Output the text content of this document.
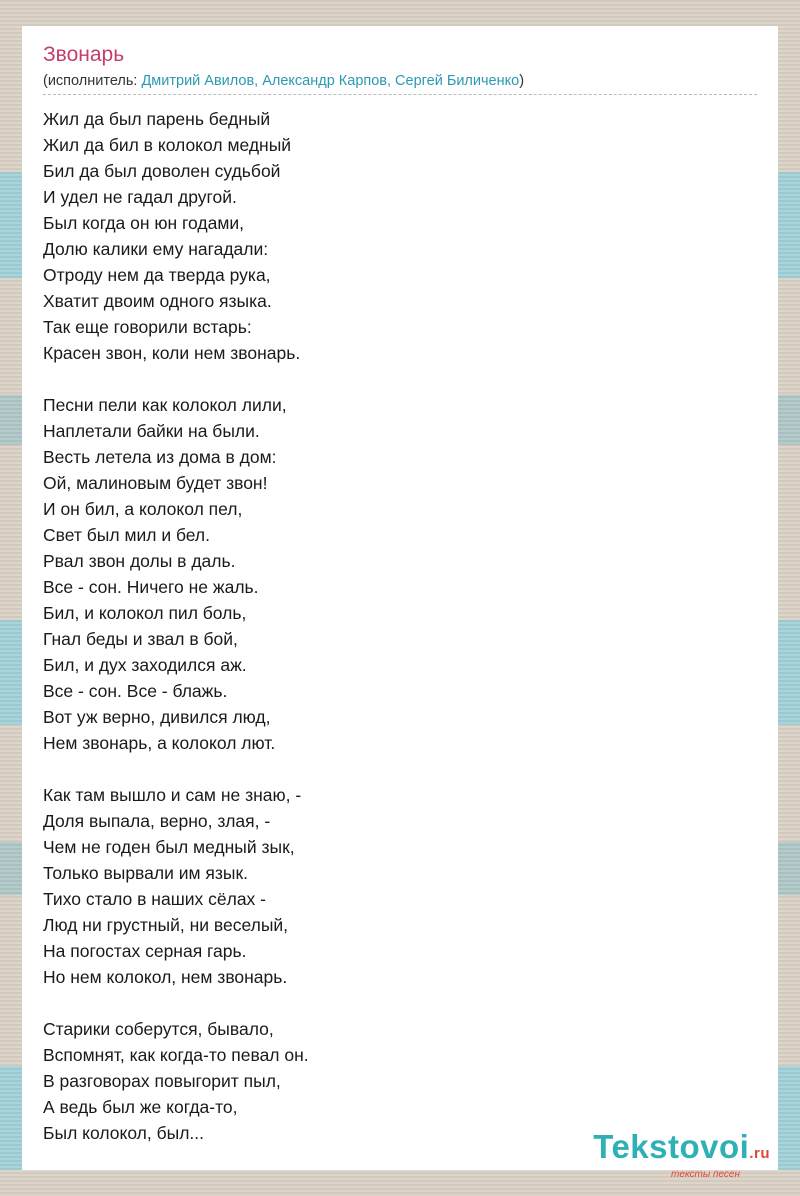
Звонарь
(исполнитель: Дмитрий Авилов, Александр Карпов, Сергей Биличенко)
Жил да был парень бедный
Жил да бил в колокол медный
Бил да был доволен судьбой
И удел не гадал другой.
Был когда он юн годами,
Долю калики ему нагадали:
Отроду нем да тверда рука,
Хватит двоим одного языка.
Так еще говорили встарь:
Красен звон, коли нем звонарь.
Песни пели как колокол лили,
Наплетали байки на были.
Весть летела из дома в дом:
Ой, малиновым будет звон!
И он бил, а колокол пел,
Свет был мил и бел.
Рвал звон долы в даль.
Все - сон. Ничего не жаль.
Бил, и колокол пил боль,
Гнал беды и звал в бой,
Бил, и дух заходился аж.
Все - сон. Все - блажь.
Вот уж верно, дивился люд,
Нем звонарь, а колокол лют.
Как там вышло и сам не знаю, -
Доля выпала, верно, злая, -
Чем не годен был медный зык,
Только вырвали им язык.
Тихо стало в наших сёлах -
Люд ни грустный, ни веселый,
На погостах серная гарь.
Но нем колокол, нем звонарь.
Старики соберутся, бывало,
Вспомнят, как когда-то певал он.
В разговорах повыгорит пыл,
А ведь был же когда-то,
Был колокол, был...	Tekstovoi.ru
тексты песен
